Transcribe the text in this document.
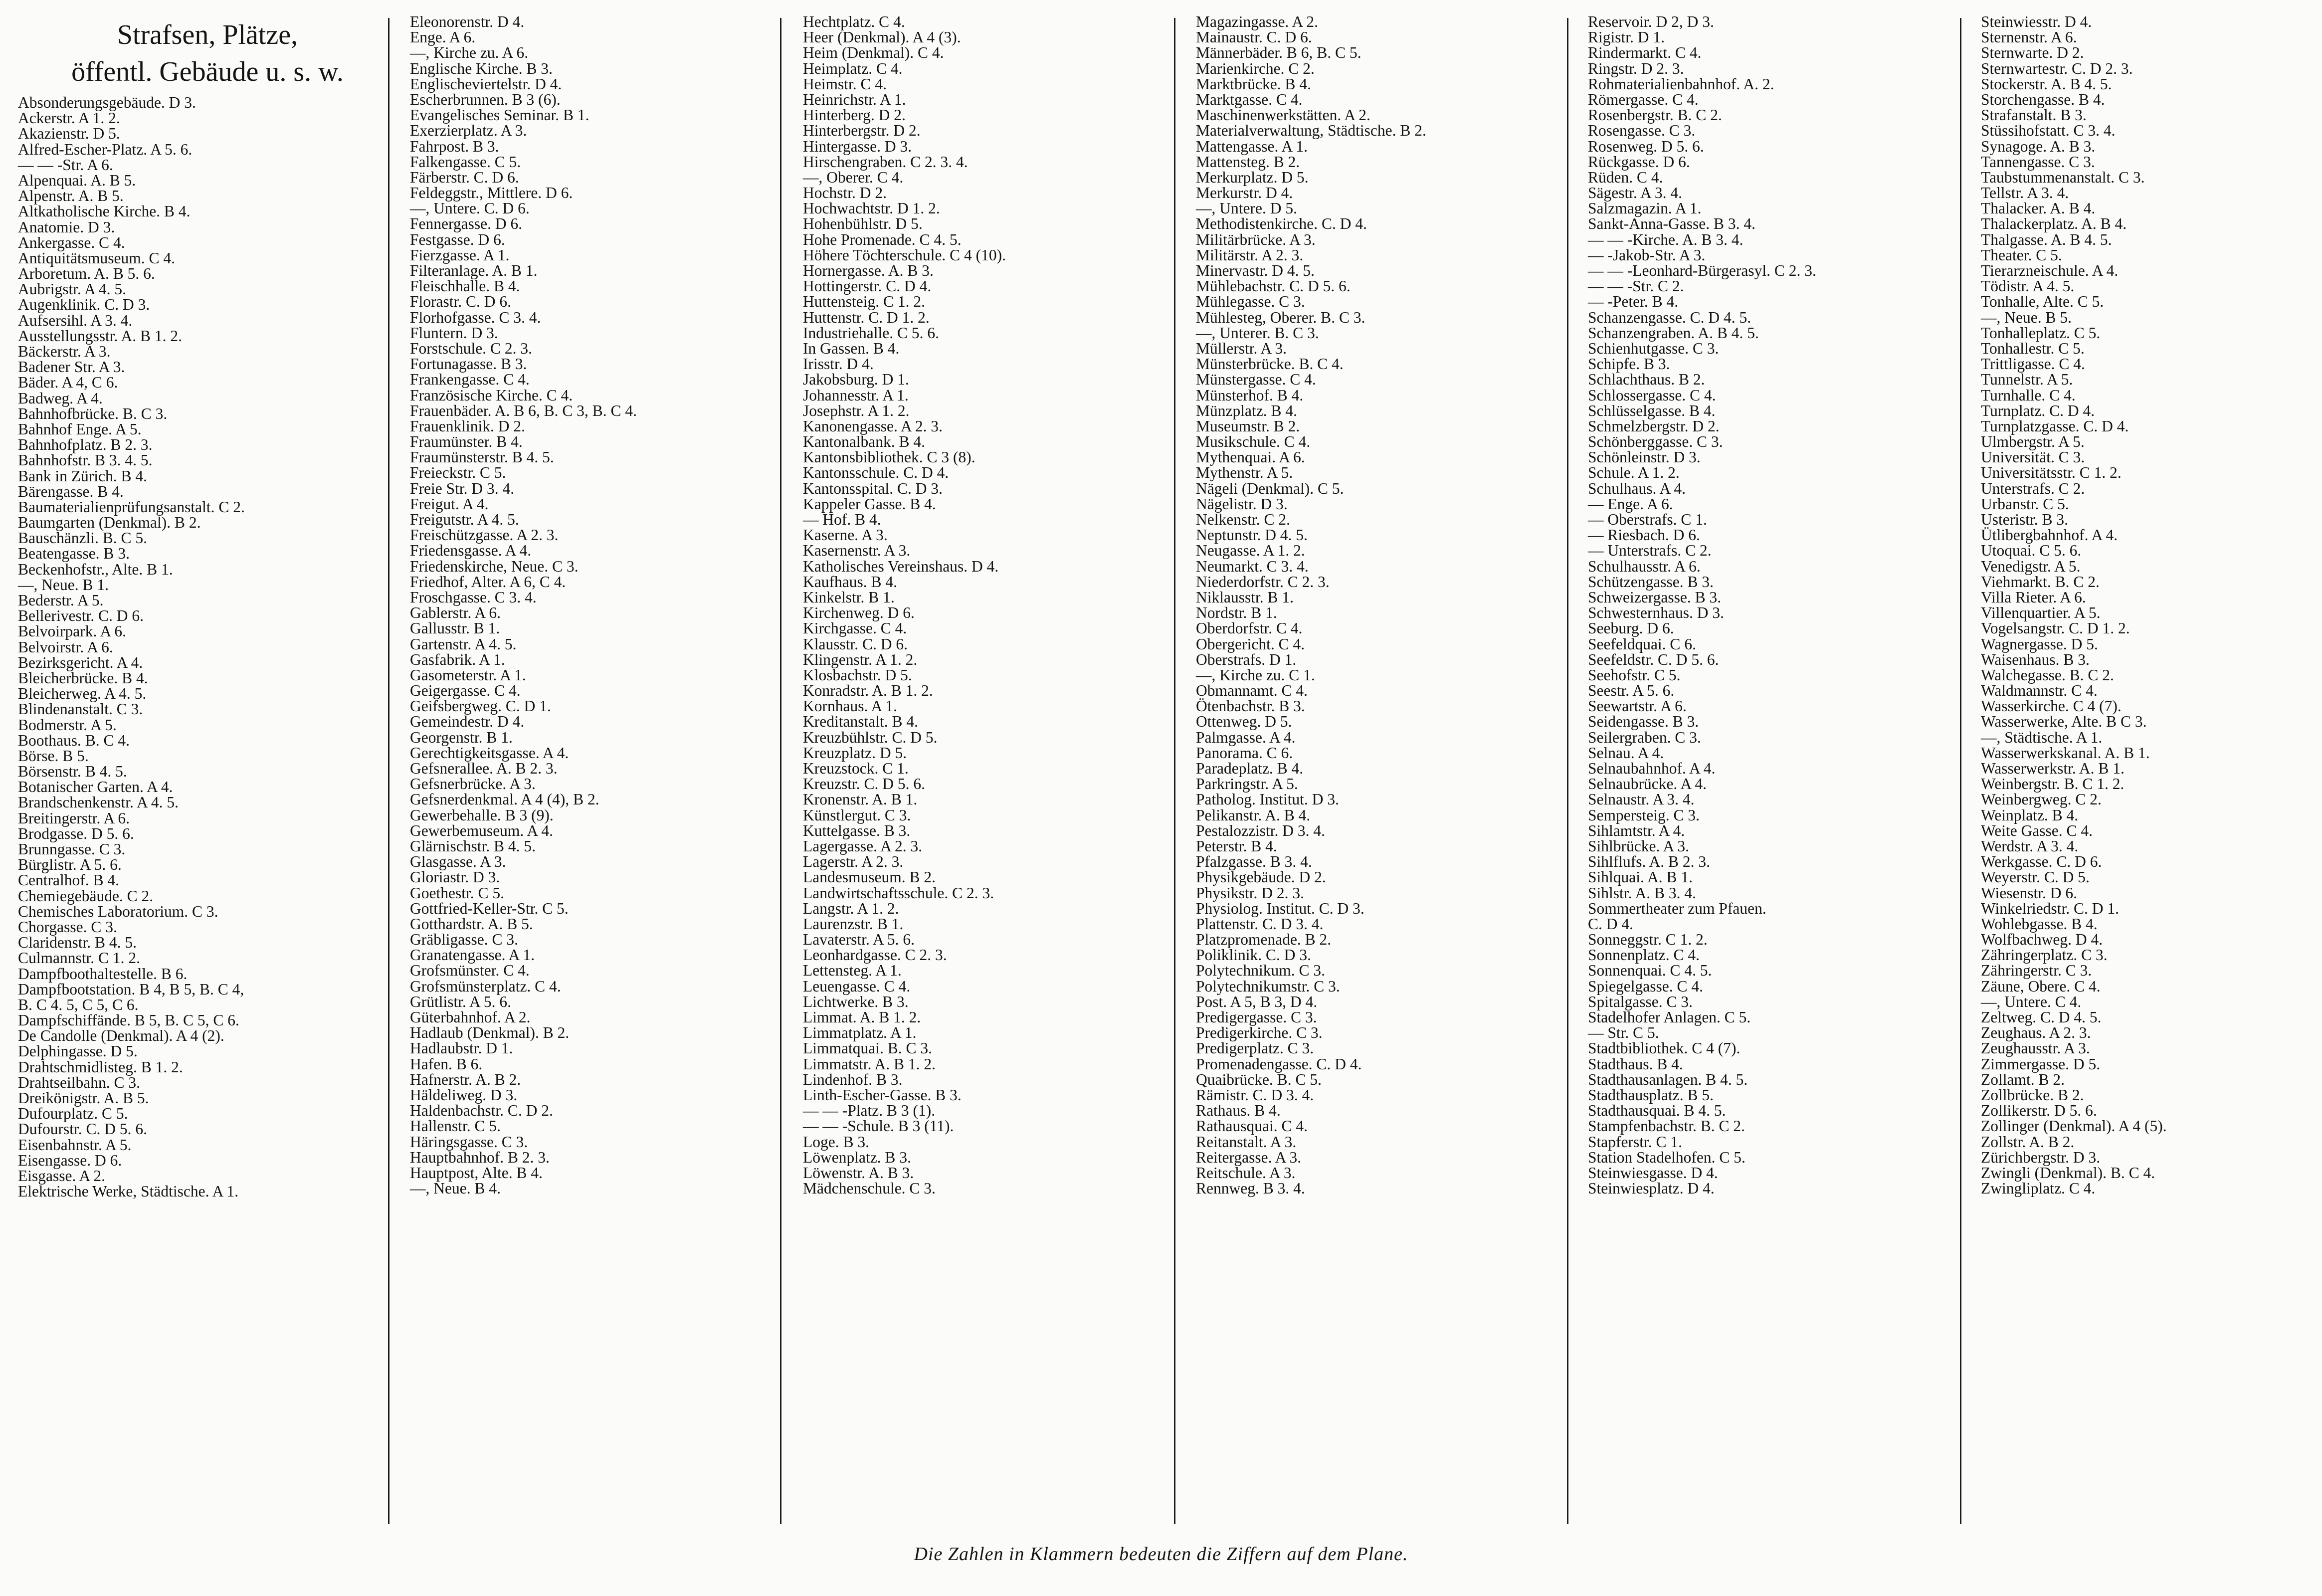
Strafsen, Plätze,
öffentl. Gebäude u. s. w.
Absonderungsgebäude. D 3.
Ackerstr. A 1. 2.
Akazienstr. D 5.
Alfred-Escher-Platz. A 5. 6.
— — -Str. A 6.
Alpenquai. A. B 5.
Alpenstr. A. B 5.
Altkatholische Kirche. B 4.
Anatomie. D 3.
Ankergasse. C 4.
Antiquitätsmuseum. C 4.
Arboretum. A. B 5. 6.
Aubrigstr. A 4. 5.
Augenklinik. C. D 3.
Aufsersihl. A 3. 4.
Ausstellungsstr. A. B 1. 2.
Bäckerstr. A 3.
Badener Str. A 3.
Bäder. A 4, C 6.
Badweg. A 4.
Bahnhofbrücke. B. C 3.
Bahnhof Enge. A 5.
Bahnhofplatz. B 2. 3.
Bahnhofstr. B 3. 4. 5.
Bank in Zürich. B 4.
Bärengasse. B 4.
Baumaterialienprüfungsanstalt. C 2.
Baumgarten (Denkmal). B 2.
Bauschänzli. B. C 5.
Beatengasse. B 3.
Beckenhofstr., Alte. B 1.
—, Neue. B 1.
Bederstr. A 5.
Bellerivestr. C. D 6.
Belvoirpark. A 6.
Belvoirstr. A 6.
Bezirksgericht. A 4.
Bleicherbrücke. B 4.
Bleicherweg. A 4. 5.
Blindenanstalt. C 3.
Bodmerstr. A 5.
Boothaus. B. C 4.
Börse. B 5.
Börsenstr. B 4. 5.
Botanischer Garten. A 4.
Brandschenkenstr. A 4. 5.
Breitingerstr. A 6.
Brodgasse. D 5. 6.
Brunngasse. C 3.
Bürglistr. A 5. 6.
Centralhof. B 4.
Chemiegebäude. C 2.
Chemisches Laboratorium. C 3.
Chorgasse. C 3.
Claridenstr. B 4. 5.
Culmannstr. C 1. 2.
Dampfboothaltestelle. B 6.
Dampfbootstation. B 4, B 5, B. C 4,
B. C 4. 5, C 5, C 6.
Dampfschiffände. B 5, B. C 5, C 6.
De Candolle (Denkmal). A 4 (2).
Delphingasse. D 5.
Drahtschmidlisteg. B 1. 2.
Drahtseilbahn. C 3.
Dreikönigstr. A. B 5.
Dufourplatz. C 5.
Dufourstr. C. D 5. 6.
Eisenbahnstr. A 5.
Eisengasse. D 6.
Eisgasse. A 2.
Elektrische Werke, Städtische. A 1.
Eleonorenstr. D 4.
Enge. A 6.
—, Kirche zu. A 6.
Englische Kirche. B 3.
Englischeviertelstr. D 4.
Escherbrunnen. B 3 (6).
Evangelisches Seminar. B 1.
Exerzierplatz. A 3.
Fahrpost. B 3.
Falkengasse. C 5.
Färberstr. C. D 6.
Feldeggstr., Mittlere. D 6.
—, Untere. C. D 6.
Fennergasse. D 6.
Festgasse. D 6.
Fierzgasse. A 1.
Filteranlage. A. B 1.
Fleischhalle. B 4.
Florastr. C. D 6.
Florhofgasse. C 3. 4.
Fluntern. D 3.
Forstschule. C 2. 3.
Fortunagasse. B 3.
Frankengasse. C 4.
Französische Kirche. C 4.
Frauenbäder. A. B 6, B. C 3, B. C 4.
Frauenklinik. D 2.
Fraumünster. B 4.
Fraumünsterstr. B 4. 5.
Freieckstr. C 5.
Freie Str. D 3. 4.
Freigut. A 4.
Freigutstr. A 4. 5.
Freischützgasse. A 2. 3.
Friedensgasse. A 4.
Friedenskirche, Neue. C 3.
Friedhof, Alter. A 6, C 4.
Froschgasse. C 3. 4.
Gablerstr. A 6.
Gallusstr. B 1.
Gartenstr. A 4. 5.
Gasfabrik. A 1.
Gasometerstr. A 1.
Geigergasse. C 4.
Geifsbergweg. C. D 1.
Gemeindestr. D 4.
Georgenstr. B 1.
Gerechtigkeitsgasse. A 4.
Gefsnerallee. A. B 2. 3.
Gefsnerbrücke. A 3.
Gefsnerdenkmal. A 4 (4), B 2.
Gewerbehalle. B 3 (9).
Gewerbemuseum. A 4.
Glärnischstr. B 4. 5.
Glasgasse. A 3.
Gloriastr. D 3.
Goethestr. C 5.
Gottfried-Keller-Str. C 5.
Gotthardstr. A. B 5.
Gräbligasse. C 3.
Granatengasse. A 1.
Grofsmünster. C 4.
Grofsmünsterplatz. C 4.
Grütlistr. A 5. 6.
Güterbahnhof. A 2.
Hadlaub (Denkmal). B 2.
Hadlaubstr. D 1.
Hafen. B 6.
Hafnerstr. A. B 2.
Häldeliweg. D 3.
Haldenbachstr. C. D 2.
Hallenstr. C 5.
Häringsgasse. C 3.
Hauptbahnhof. B 2. 3.
Hauptpost, Alte. B 4.
—, Neue. B 4.
Hechtplatz. C 4.
Heer (Denkmal). A 4 (3).
Heim (Denkmal). C 4.
Heimplatz. C 4.
Heimstr. C 4.
Heinrichstr. A 1.
Hinterberg. D 2.
Hinterbergstr. D 2.
Hintergasse. D 3.
Hirschengraben. C 2. 3. 4.
—, Oberer. C 4.
Hochstr. D 2.
Hochwachtstr. D 1. 2.
Hohenbühlstr. D 5.
Hohe Promenade. C 4. 5.
Höhere Töchterschule. C 4 (10).
Hornergasse. A. B 3.
Hottingerstr. C. D 4.
Huttensteig. C 1. 2.
Huttenstr. C. D 1. 2.
Industriehalle. C 5. 6.
In Gassen. B 4.
Irisstr. D 4.
Jakobsburg. D 1.
Johannesstr. A 1.
Josephstr. A 1. 2.
Kanonengasse. A 2. 3.
Kantonalbank. B 4.
Kantonsbibliothek. C 3 (8).
Kantonsschule. C. D 4.
Kantonsspital. C. D 3.
Kappeler Gasse. B 4.
— Hof. B 4.
Kaserne. A 3.
Kasernenstr. A 3.
Katholisches Vereinshaus. D 4.
Kaufhaus. B 4.
Kinkelstr. B 1.
Kirchenweg. D 6.
Kirchgasse. C 4.
Klausstr. C. D 6.
Klingenstr. A 1. 2.
Klosbachstr. D 5.
Konradstr. A. B 1. 2.
Kornhaus. A 1.
Kreditanstalt. B 4.
Kreuzbühlstr. C. D 5.
Kreuzplatz. D 5.
Kreuzstock. C 1.
Kreuzstr. C. D 5. 6.
Kronenstr. A. B 1.
Künstlergut. C 3.
Kuttelgasse. B 3.
Lagergasse. A 2. 3.
Lagerstr. A 2. 3.
Landesmuseum. B 2.
Landwirtschaftsschule. C 2. 3.
Langstr. A 1. 2.
Laurenzstr. B 1.
Lavaterstr. A 5. 6.
Leonhardgasse. C 2. 3.
Lettensteg. A 1.
Leuengasse. C 4.
Lichtwerke. B 3.
Limmat. A. B 1. 2.
Limmatplatz. A 1.
Limmatquai. B. C 3.
Limmatstr. A. B 1. 2.
Lindenhof. B 3.
Linth-Escher-Gasse. B 3.
— — -Platz. B 3 (1).
— — -Schule. B 3 (11).
Loge. B 3.
Löwenplatz. B 3.
Löwenstr. A. B 3.
Mädchenschule. C 3.
Magazingasse. A 2.
Mainaustr. C. D 6.
Männerbäder. B 6, B. C 5.
Marienkirche. C 2.
Marktbrücke. B 4.
Marktgasse. C 4.
Maschinenwerkstätten. A 2.
Materialverwaltung, Städtische. B 2.
Mattengasse. A 1.
Mattensteg. B 2.
Merkurplatz. D 5.
Merkurstr. D 4.
—, Untere. D 5.
Methodistenkirche. C. D 4.
Militärbrücke. A 3.
Militärstr. A 2. 3.
Minervastr. D 4. 5.
Mühlebachstr. C. D 5. 6.
Mühlegasse. C 3.
Mühlesteg, Oberer. B. C 3.
—, Unterer. B. C 3.
Müllerstr. A 3.
Münsterbrücke. B. C 4.
Münstergasse. C 4.
Münsterhof. B 4.
Münzplatz. B 4.
Museumstr. B 2.
Musikschule. C 4.
Mythenquai. A 6.
Mythenstr. A 5.
Nägeli (Denkmal). C 5.
Nägelistr. D 3.
Nelkenstr. C 2.
Neptunstr. D 4. 5.
Neugasse. A 1. 2.
Neumarkt. C 3. 4.
Niederdorfstr. C 2. 3.
Niklausstr. B 1.
Nordstr. B 1.
Oberdorfstr. C 4.
Obergericht. C 4.
Oberstrafs. D 1.
—, Kirche zu. C 1.
Obmannamt. C 4.
Ötenbachstr. B 3.
Ottenweg. D 5.
Palmgasse. A 4.
Panorama. C 6.
Paradeplatz. B 4.
Parkringstr. A 5.
Patholog. Institut. D 3.
Pelikanstr. A. B 4.
Pestalozzistr. D 3. 4.
Peterstr. B 4.
Pfalzgasse. B 3. 4.
Physikgebäude. D 2.
Physikstr. D 2. 3.
Physiolog. Institut. C. D 3.
Plattenstr. C. D 3. 4.
Platzpromenade. B 2.
Poliklinik. C. D 3.
Polytechnikum. C 3.
Polytechnikumstr. C 3.
Post. A 5, B 3, D 4.
Predigergasse. C 3.
Predigerkirche. C 3.
Predigerplatz. C 3.
Promenadengasse. C. D 4.
Quaibrücke. B. C 5.
Rämistr. C. D 3. 4.
Rathaus. B 4.
Rathausquai. C 4.
Reitanstalt. A 3.
Reitergasse. A 3.
Reitschule. A 3.
Rennweg. B 3. 4.
Reservoir. D 2, D 3.
Rigistr. D 1.
Rindermarkt. C 4.
Ringstr. D 2. 3.
Rohmaterialienbahnhof. A. 2.
Römergasse. C 4.
Rosenbergstr. B. C 2.
Rosengasse. C 3.
Rosenweg. D 5. 6.
Rückgasse. D 6.
Rüden. C 4.
Sägestr. A 3. 4.
Salzmagazin. A 1.
Sankt-Anna-Gasse. B 3. 4.
— — -Kirche. A. B 3. 4.
— -Jakob-Str. A 3.
— — -Leonhard-Bürgerasyl. C 2. 3.
— — -Str. C 2.
— -Peter. B 4.
Schanzengasse. C. D 4. 5.
Schanzengraben. A. B 4. 5.
Schienhutgasse. C 3.
Schipfe. B 3.
Schlachthaus. B 2.
Schlossergasse. C 4.
Schlüsselgasse. B 4.
Schmelzbergstr. D 2.
Schönberggasse. C 3.
Schönleinstr. D 3.
Schule. A 1. 2.
Schulhaus. A 4.
— Enge. A 6.
— Oberstrafs. C 1.
— Riesbach. D 6.
— Unterstrafs. C 2.
Schulhausstr. A 6.
Schützengasse. B 3.
Schweizergasse. B 3.
Schwesternhaus. D 3.
Seeburg. D 6.
Seefeldquai. C 6.
Seefeldstr. C. D 5. 6.
Seehofstr. C 5.
Seestr. A 5. 6.
Seewartstr. A 6.
Seidengasse. B 3.
Seilergraben. C 3.
Selnau. A 4.
Selnaubahnhof. A 4.
Selnaubrücke. A 4.
Selnaustr. A 3. 4.
Sempersteig. C 3.
Sihlamtstr. A 4.
Sihlbrücke. A 3.
Sihlflufs. A. B 2. 3.
Sihlquai. A. B 1.
Sihlstr. A. B 3. 4.
Sommertheater zum Pfauen.
C. D 4.
Sonneggstr. C 1. 2.
Sonnenplatz. C 4.
Sonnenquai. C 4. 5.
Spiegelgasse. C 4.
Spitalgasse. C 3.
Stadelhofer Anlagen. C 5.
— Str. C 5.
Stadtbibliothek. C 4 (7).
Stadthaus. B 4.
Stadthausanlagen. B 4. 5.
Stadthausplatz. B 5.
Stadthausquai. B 4. 5.
Stampfenbachstr. B. C 2.
Stapferstr. C 1.
Station Stadelhofen. C 5.
Steinwiesgasse. D 4.
Steinwiesplatz. D 4.
Steinwiesstr. D 4.
Sternenstr. A 6.
Sternwarte. D 2.
Sternwartestr. C. D 2. 3.
Stockerstr. A. B 4. 5.
Storchengasse. B 4.
Strafanstalt. B 3.
Stüssihofstatt. C 3. 4.
Synagoge. A. B 3.
Tannengasse. C 3.
Taubstummenanstalt. C 3.
Tellstr. A 3. 4.
Thalacker. A. B 4.
Thalackerplatz. A. B 4.
Thalgasse. A. B 4. 5.
Theater. C 5.
Tierarzneischule. A 4.
Tödistr. A 4. 5.
Tonhalle, Alte. C 5.
—, Neue. B 5.
Tonhalleplatz. C 5.
Tonhallestr. C 5.
Trittligasse. C 4.
Tunnelstr. A 5.
Turnhalle. C 4.
Turnplatz. C. D 4.
Turnplatzgasse. C. D 4.
Ulmbergstr. A 5.
Universität. C 3.
Universitätsstr. C 1. 2.
Unterstrafs. C 2.
Urbanstr. C 5.
Usteristr. B 3.
Ütlibergbahnhof. A 4.
Utoquai. C 5. 6.
Venedigstr. A 5.
Viehmarkt. B. C 2.
Villa Rieter. A 6.
Villenquartier. A 5.
Vogelsangstr. C. D 1. 2.
Wagnergasse. D 5.
Waisenhaus. B 3.
Walchegasse. B. C 2.
Waldmannstr. C 4.
Wasserkirche. C 4 (7).
Wasserwerke, Alte. B C 3.
—, Städtische. A 1.
Wasserwerkskanal. A. B 1.
Wasserwerkstr. A. B 1.
Weinbergstr. B. C 1. 2.
Weinbergweg. C 2.
Weinplatz. B 4.
Weite Gasse. C 4.
Werdstr. A 3. 4.
Werkgasse. C. D 6.
Weyerstr. C. D 5.
Wiesenstr. D 6.
Winkelriedstr. C. D 1.
Wohlebgasse. B 4.
Wolfbachweg. D 4.
Zähringerplatz. C 3.
Zähringerstr. C 3.
Zäune, Obere. C 4.
—, Untere. C 4.
Zeltweg. C. D 4. 5.
Zeughaus. A 2. 3.
Zeughausstr. A 3.
Zimmergasse. D 5.
Zollamt. B 2.
Zollbrücke. B 2.
Zollikerstr. D 5. 6.
Zollinger (Denkmal). A 4 (5).
Zollstr. A. B 2.
Zürichbergstr. D 3.
Zwingli (Denkmal). B. C 4.
Zwingliplatz. C 4.
Die Zahlen in Klammern bedeuten die Ziffern auf dem Plane.
